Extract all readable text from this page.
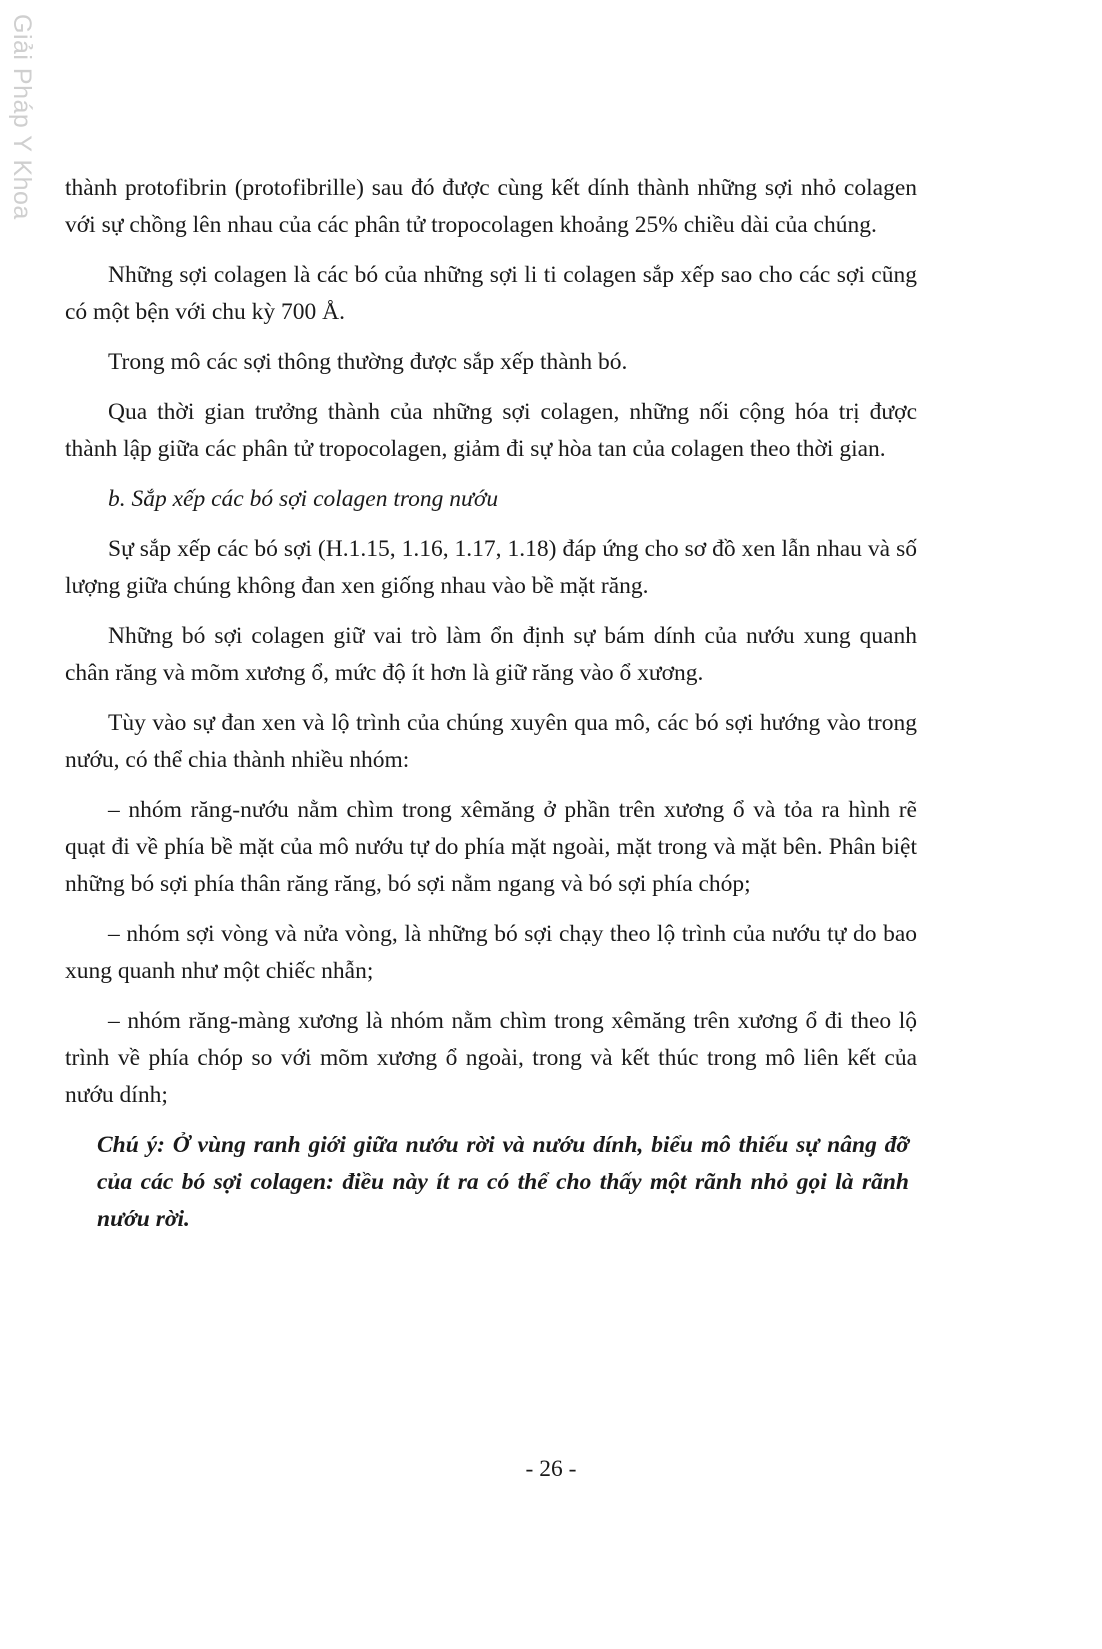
Giải Pháp Y Khoa thành protofibrin (protofibrille) sau đó được cùng kết dính thành những sợi nhỏ colagen với sự chồng lên nhau của các phân tử tropocolagen khoảng 25% chiều dài của chúng.

Những sợi colagen là các bó của những sợi li ti colagen sắp xếp sao cho các sợi cũng có một bện với chu kỳ 700 Å.

Trong mô các sợi thông thường được sắp xếp thành bó.

Qua thời gian trưởng thành của những sợi colagen, những nối cộng hóa trị được thành lập giữa các phân tử tropocolagen, giảm đi sự hòa tan của colagen theo thời gian.

b. Sắp xếp các bó sợi colagen trong nướu

Sự sắp xếp các bó sợi (H.1.15, 1.16, 1.17, 1.18) đáp ứng cho sơ đồ xen lẫn nhau và số lượng giữa chúng không đan xen giống nhau vào bề mặt răng.

Những bó sợi colagen giữ vai trò làm ổn định sự bám dính của nướu xung quanh chân răng và mõm xương ổ, mức độ ít hơn là giữ răng vào ổ xương.

Tùy vào sự đan xen và lộ trình của chúng xuyên qua mô, các bó sợi hướng vào trong nướu, có thể chia thành nhiều nhóm:

– nhóm răng-nướu nằm chìm trong xêmăng ở phần trên xương ổ và tỏa ra hình rẽ quạt đi về phía bề mặt của mô nướu tự do phía mặt ngoài, mặt trong và mặt bên. Phân biệt những bó sợi phía thân răng răng, bó sợi nằm ngang và bó sợi phía chóp;

– nhóm sợi vòng và nửa vòng, là những bó sợi chạy theo lộ trình của nướu tự do bao xung quanh như một chiếc nhẫn;

– nhóm răng-màng xương là nhóm nằm chìm trong xêmăng trên xương ổ đi theo lộ trình về phía chóp so với mõm xương ổ ngoài, trong và kết thúc trong mô liên kết của nướu dính;

Chú ý: Ở vùng ranh giới giữa nướu rời và nướu dính, biểu mô thiếu sự nâng đỡ của các bó sợi colagen: điều này ít ra có thể cho thấy một rãnh nhỏ gọi là rãnh nướu rời.

- 26 -
